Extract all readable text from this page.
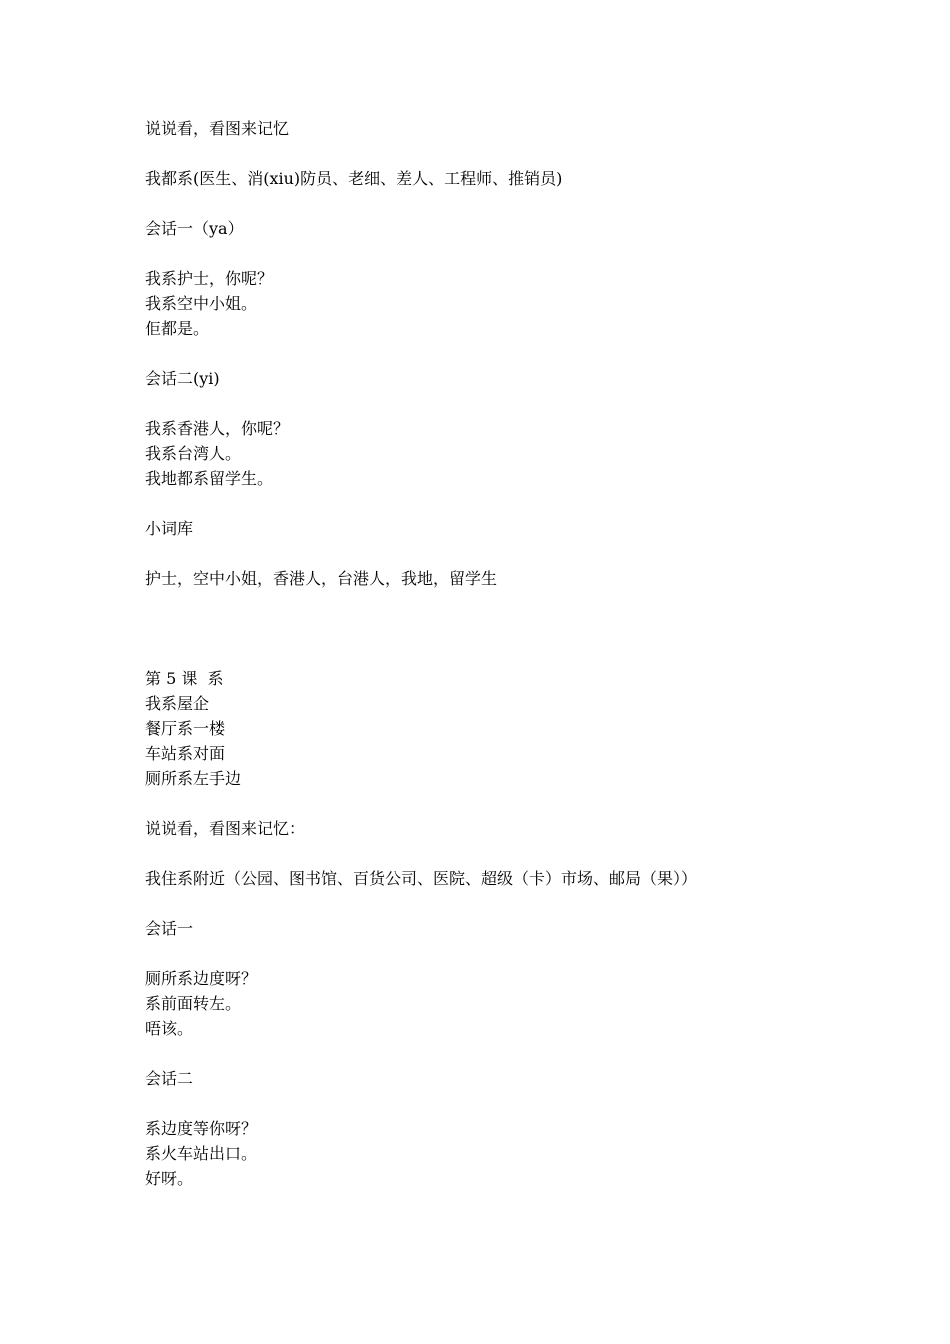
说说看，看图来记忆
我都系(医生、消(xiu)防员、老细、差人、工程师、推销员)
会话一（ya）
我系护士，你呢？
我系空中小姐。
佢都是。
会话二(yi)
我系香港人，你呢？
我系台湾人。
我地都系留学生。
小词库
护士，空中小姐，香港人，台港人，我地，留学生
第 5 课  系
我系屋企
餐厅系一楼
车站系对面
厕所系左手边
说说看，看图来记忆：
我住系附近（公园、图书馆、百货公司、医院、超级（卡）市场、邮局（果））
会话一
厕所系边度呀？
系前面转左。
唔该。
会话二
系边度等你呀？
系火车站出口。
好呀。
